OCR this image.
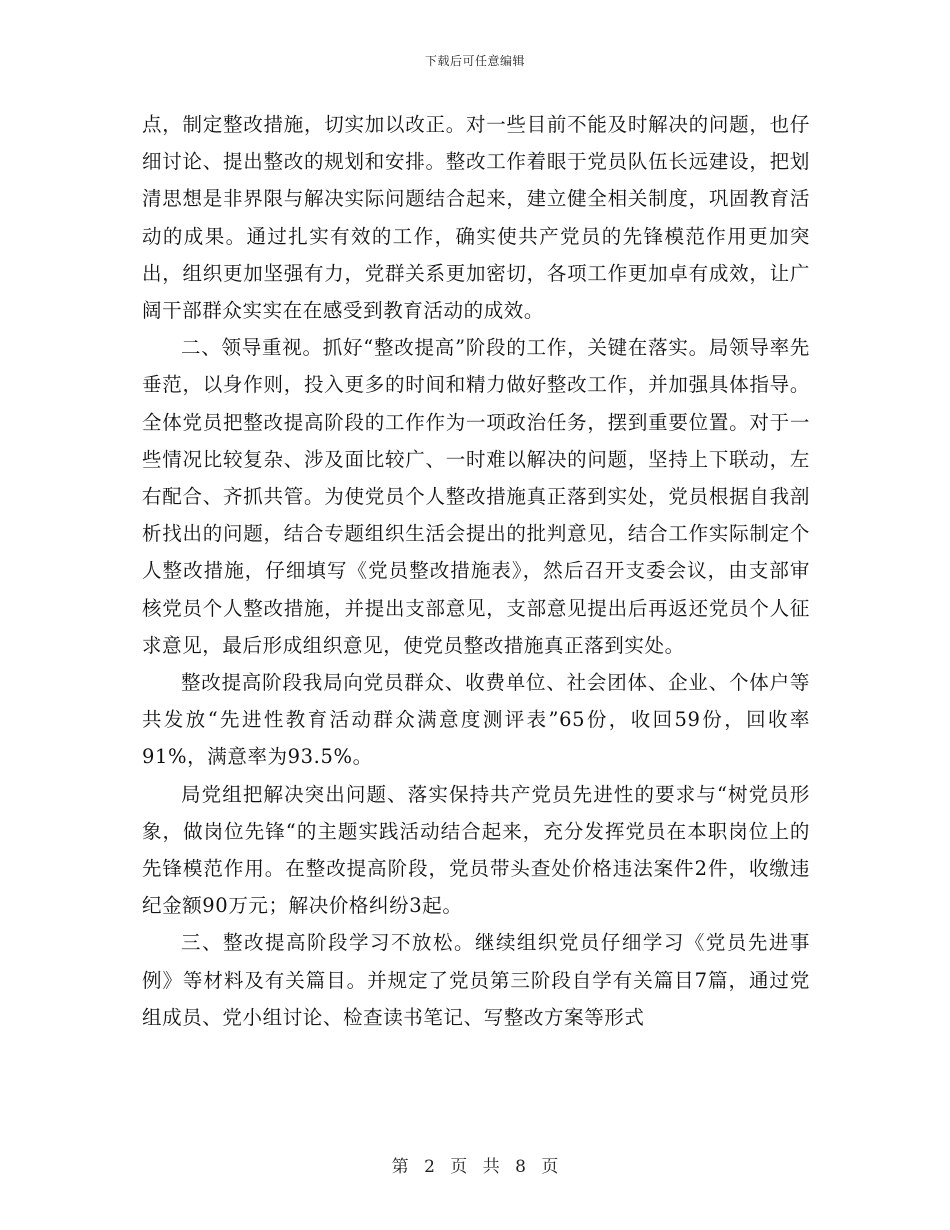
下载后可任意编辑

点，制定整改措施，切实加以改正。对一些目前不能及时解决的问题，也仔细讨论、提出整改的规划和安排。整改工作着眼于党员队伍长远建设，把划清思想是非界限与解决实际问题结合起来，建立健全相关制度，巩固教育活动的成果。通过扎实有效的工作，确实使共产党员的先锋模范作用更加突出，组织更加坚强有力，党群关系更加密切，各项工作更加卓有成效，让广阔干部群众实实在在感受到教育活动的成效。

二、领导重视。抓好“整改提高”阶段的工作，关键在落实。局领导率先垂范，以身作则，投入更多的时间和精力做好整改工作，并加强具体指导。全体党员把整改提高阶段的工作作为一项政治任务，摆到重要位置。对于一些情况比较复杂、涉及面比较广、一时难以解决的问题，坚持上下联动，左右配合、齐抓共管。为使党员个人整改措施真正落到实处，党员根据自我剖析找出的问题，结合专题组织生活会提出的批判意见，结合工作实际制定个人整改措施，仔细填写《党员整改措施表》，然后召开支委会议，由支部审核党员个人整改措施，并提出支部意见，支部意见提出后再返还党员个人征求意见，最后形成组织意见，使党员整改措施真正落到实处。

整改提高阶段我局向党员群众、收费单位、社会团体、企业、个体户等共发放“先进性教育活动群众满意度测评表”65份，收回59份，回收率91%，满意率为93.5%。

局党组把解决突出问题、落实保持共产党员先进性的要求与“树党员形象，做岗位先锋“的主题实践活动结合起来，充分发挥党员在本职岗位上的先锋模范作用。在整改提高阶段，党员带头查处价格违法案件2件，收缴违纪金额90万元；解决价格纠纷3起。

三、整改提高阶段学习不放松。继续组织党员仔细学习《党员先进事例》等材料及有关篇目。并规定了党员第三阶段自学有关篇目7篇，通过党组成员、党小组讨论、检查读书笔记、写整改方案等形式

第 2 页 共 8 页
